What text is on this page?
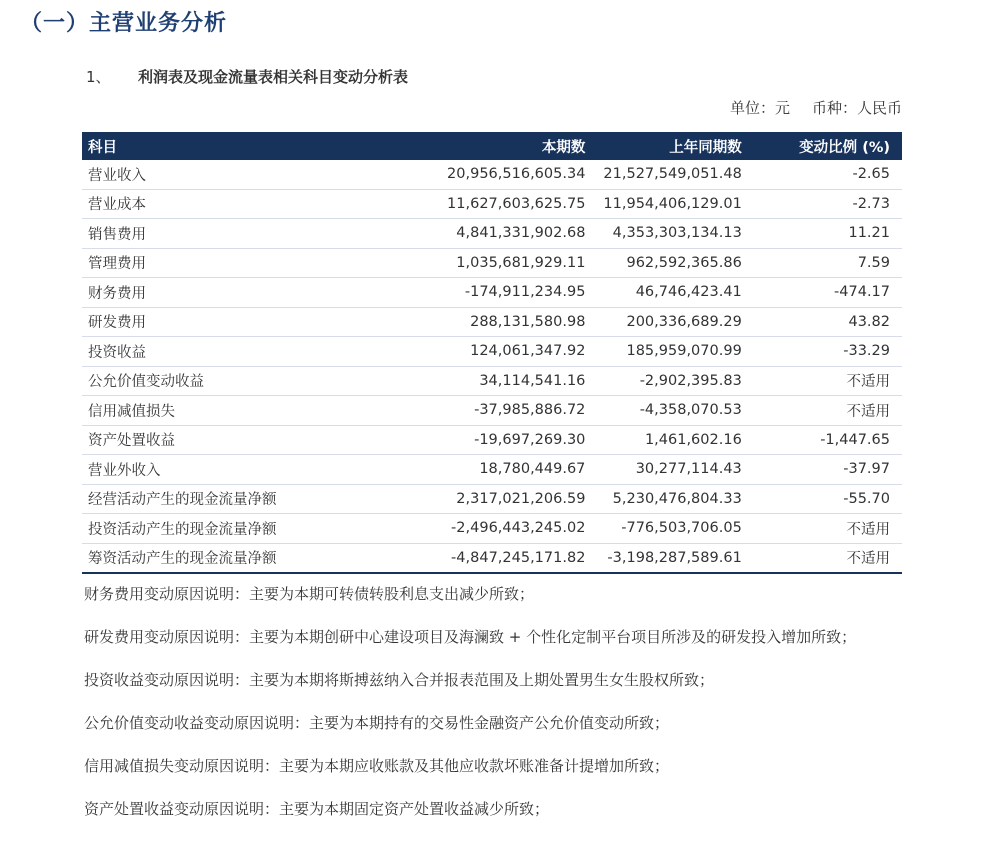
（一）主营业务分析
1、 利润表及现金流量表相关科目变动分析表
单位：元 币种：人民币
科目	本期数	上年同期数	变动比例 (%)
营业收入	20,956,516,605.34	21,527,549,051.48	-2.65
营业成本	11,627,603,625.75	11,954,406,129.01	-2.73
销售费用	4,841,331,902.68	4,353,303,134.13	11.21
管理费用	1,035,681,929.11	962,592,365.86	7.59
财务费用	-174,911,234.95	46,746,423.41	-474.17
研发费用	288,131,580.98	200,336,689.29	43.82
投资收益	124,061,347.92	185,959,070.99	-33.29
公允价值变动收益	34,114,541.16	-2,902,395.83	不适用
信用减值损失	-37,985,886.72	-4,358,070.53	不适用
资产处置收益	-19,697,269.30	1,461,602.16	-1,447.65
营业外收入	18,780,449.67	30,277,114.43	-37.97
经营活动产生的现金流量净额	2,317,021,206.59	5,230,476,804.33	-55.70
投资活动产生的现金流量净额	-2,496,443,245.02	-776,503,706.05	不适用
筹资活动产生的现金流量净额	-4,847,245,171.82	-3,198,287,589.61	不适用

财务费用变动原因说明：主要为本期可转债转股利息支出减少所致；

研发费用变动原因说明：主要为本期创研中心建设项目及海澜致 + 个性化定制平台项目所涉及的研发投入增加所致；

投资收益变动原因说明：主要为本期将斯搏兹纳入合并报表范围及上期处置男生女生股权所致；

公允价值变动收益变动原因说明：主要为本期持有的交易性金融资产公允价值变动所致；

信用减值损失变动原因说明：主要为本期应收账款及其他应收款坏账准备计提增加所致；

资产处置收益变动原因说明：主要为本期固定资产处置收益减少所致；
